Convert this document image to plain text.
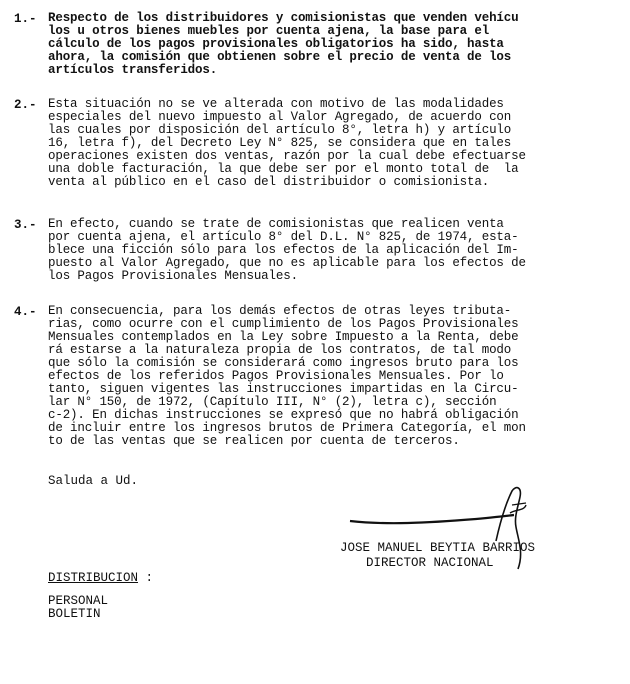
1.- Respecto de los distribuidores y comisionistas que venden vehícu
los u otros bienes muebles por cuenta ajena, la base para el
cálculo de los pagos provisionales obligatorios ha sido, hasta
ahora, la comisión que obtienen sobre el precio de venta de los
artículos transferidos.
2.- Esta situación no se ve alterada con motivo de las modalidades
especiales del nuevo impuesto al Valor Agregado, de acuerdo con
las cuales por disposición del artículo 8°, letra h) y artículo
16, letra f), del Decreto Ley N° 825, se considera que en tales
operaciones existen dos ventas, razón por la cual debe efectuarse
una doble facturación, la que debe ser por el monto total de  la
venta al público en el caso del distribuidor o comisionista.
3.- En efecto, cuando se trate de comisionistas que realicen venta
por cuenta ajena, el artículo 8° del D.L. N° 825, de 1974, esta-
blece una ficción sólo para los efectos de la aplicación del Im-
puesto al Valor Agregado, que no es aplicable para los efectos de
los Pagos Provisionales Mensuales.
4.- En consecuencia, para los demás efectos de otras leyes tributa-
rias, como ocurre con el cumplimiento de los Pagos Provisionales
Mensuales contemplados en la Ley sobre Impuesto a la Renta, debe
rá estarse a la naturaleza propia de los contratos, de tal modo
que sólo la comisión se considerará como ingresos bruto para los
efectos de los referidos Pagos Provisionales Mensuales. Por lo
tanto, siguen vigentes las instrucciones impartidas en la Circu-
lar N° 150, de 1972, (Capítulo III, N° (2), letra c), sección
c-2). En dichas instrucciones se expresó que no habrá obligación
de incluir entre los ingresos brutos de Primera Categoría, el mon
to de las ventas que se realicen por cuenta de terceros.
Saluda a Ud.
JOSE MANUEL BEYTIA BARRIOS
DIRECTOR NACIONAL
DISTRIBUCION :
PERSONAL
BOLETIN
